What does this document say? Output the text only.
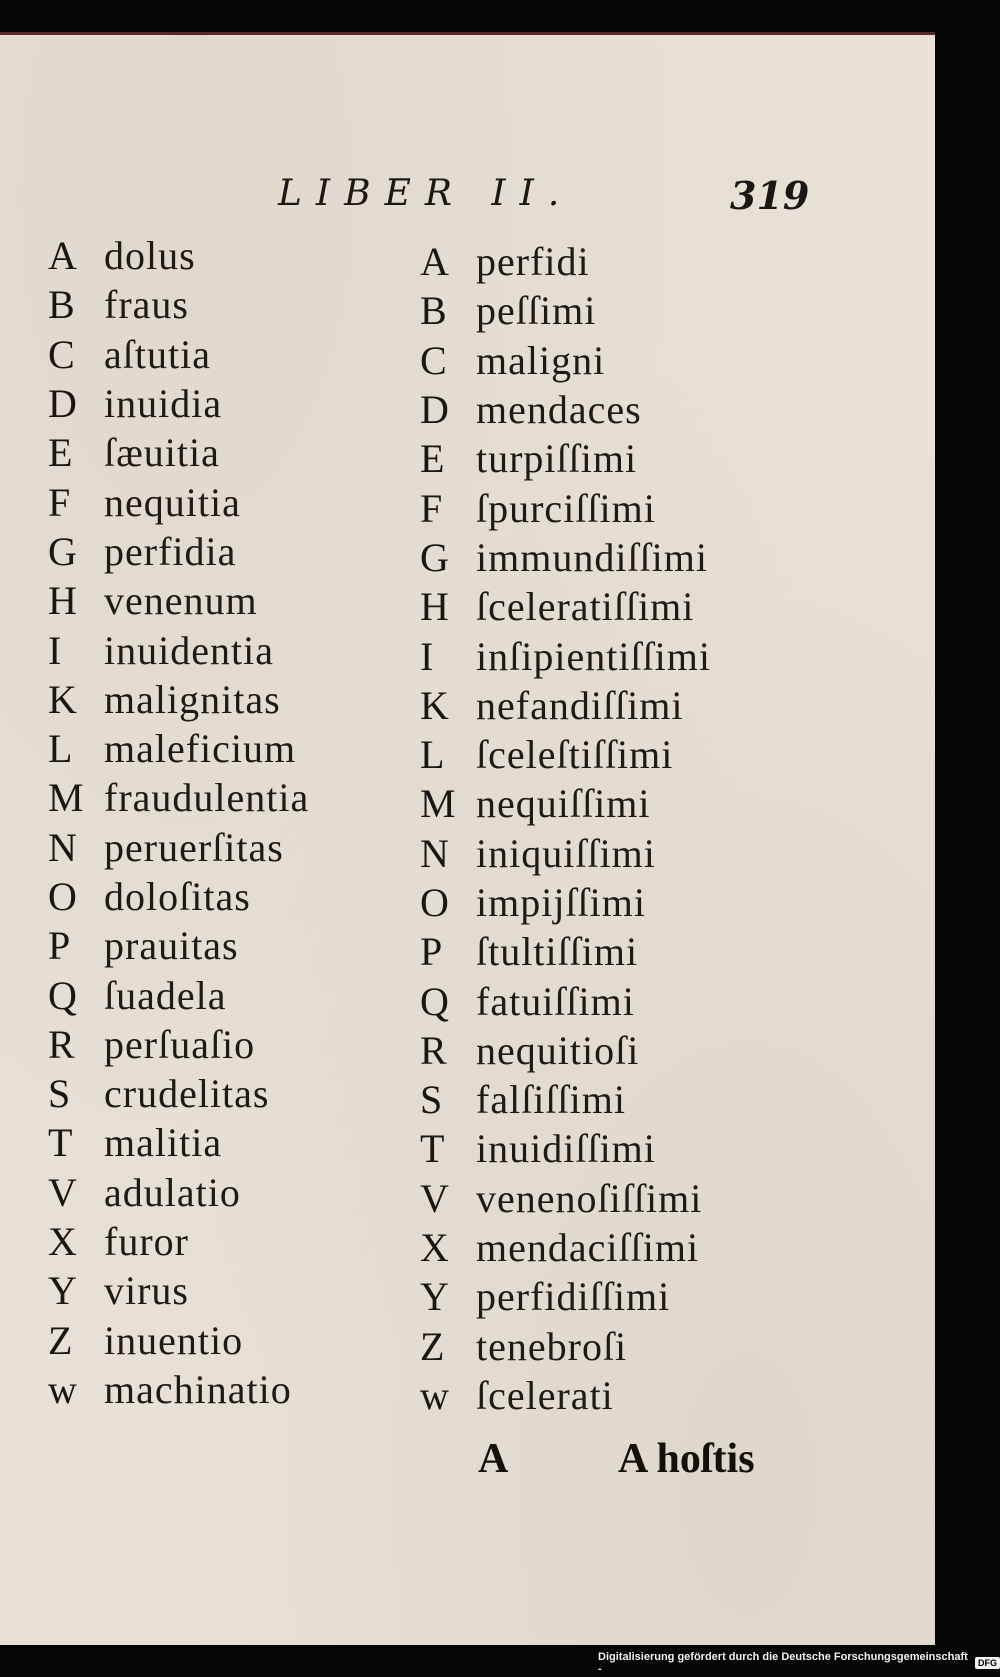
LIBER II.	319
A dolus
B fraus
C aſtutia
D inuidia
E ſæuitia
F nequitia
G perfidia
H venenum
I	inuidentia
K malignitas
L maleficium
M fraudulentia
N peruerſitas
O doloſitas
P prauitas
Q ſuadela
R perſuaſio
S crudelitas
T malitia
V adulatio
X furor
Y virus
Z inuentio
w machinatio
A perfidi
B peſſimi
C maligni
D mendaces
E turpiſſimi
F ſpurciſſimi
G immundiſſimi
H ſceleratiſſimi
I	inſipientiſſimi
K nefandiſſimi
L ſceleſtiſſimi
M nequiſſimi
N iniquiſſimi
O impijſſimi
P ſtultiſſimi
Q fatuiſſimi
R nequitioſi
S falſiſſimi
T inuidiſſimi
V venenoſiſſimi
X mendaciſſimi
Y perfidiſſimi
Z tenebroſi
w ſcelerati
A	A hoſtis
Digitalisierung gefördert durch die Deutsche Forschungsgemeinschaft -	DFG
